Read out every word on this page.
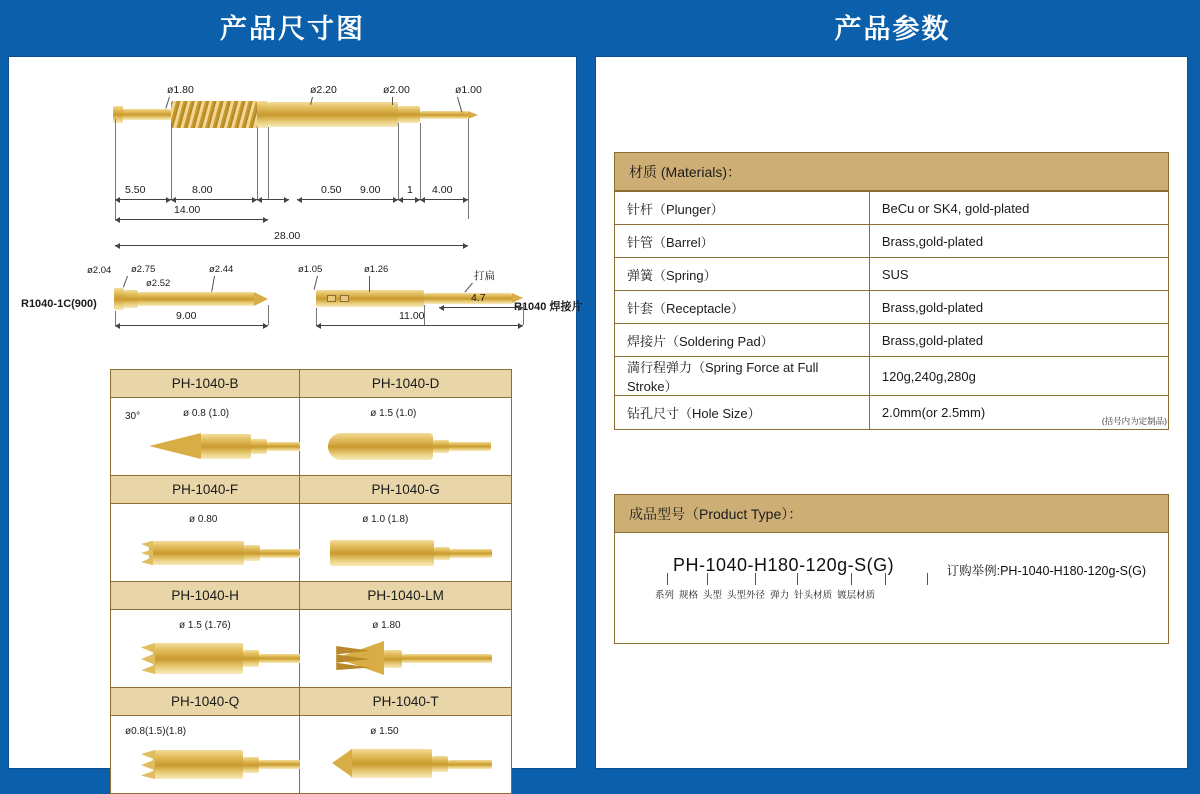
产品尺寸图
ø1.80	ø2.20	ø2.00	ø1.00
5.50	8.00	0.50 9.00	1 4.00
14.00
28.00
R1040-1C(900)
ø2.04 ø2.75
ø2.52
ø2.44
9.00
R1040 焊接片
ø1.05	ø1.26
打扁
11.00
4.7
PH-1040-B	PH-1040-D

30° ø 0.8 (1.0)	ø 1.5 (1.0)

PH-1040-F	PH-1040-G

ø 0.80	ø 1.0 (1.8)

PH-1040-H	PH-1040-LM

ø 1.5 (1.76)	ø 1.80

PH-1040-Q	PH-1040-T

ø0.8(1.5)(1.8)	ø 1.50
产品参数
材质 (Materials)：
针杆（Plunger）	BeCu or SK4, gold-plated
针管（Barrel）	Brass,gold-plated
弹簧（Spring）	SUS
针套（Receptacle）	Brass,gold-plated
焊接片（Soldering Pad）	Brass,gold-plated
満行程弹力（Spring Force at Full Stroke）	120g,240g,280g
钻孔尺寸（Hole Size）	2.0mm(or 2.5mm)
(括号内为定制品)
成品型号（Product Type）：
PH-1040-H180-120g-S(G)
系列 规格 头型 头型外径 弹力 针头材质 镀层材质
订购举例:PH-1040-H180-120g-S(G)
